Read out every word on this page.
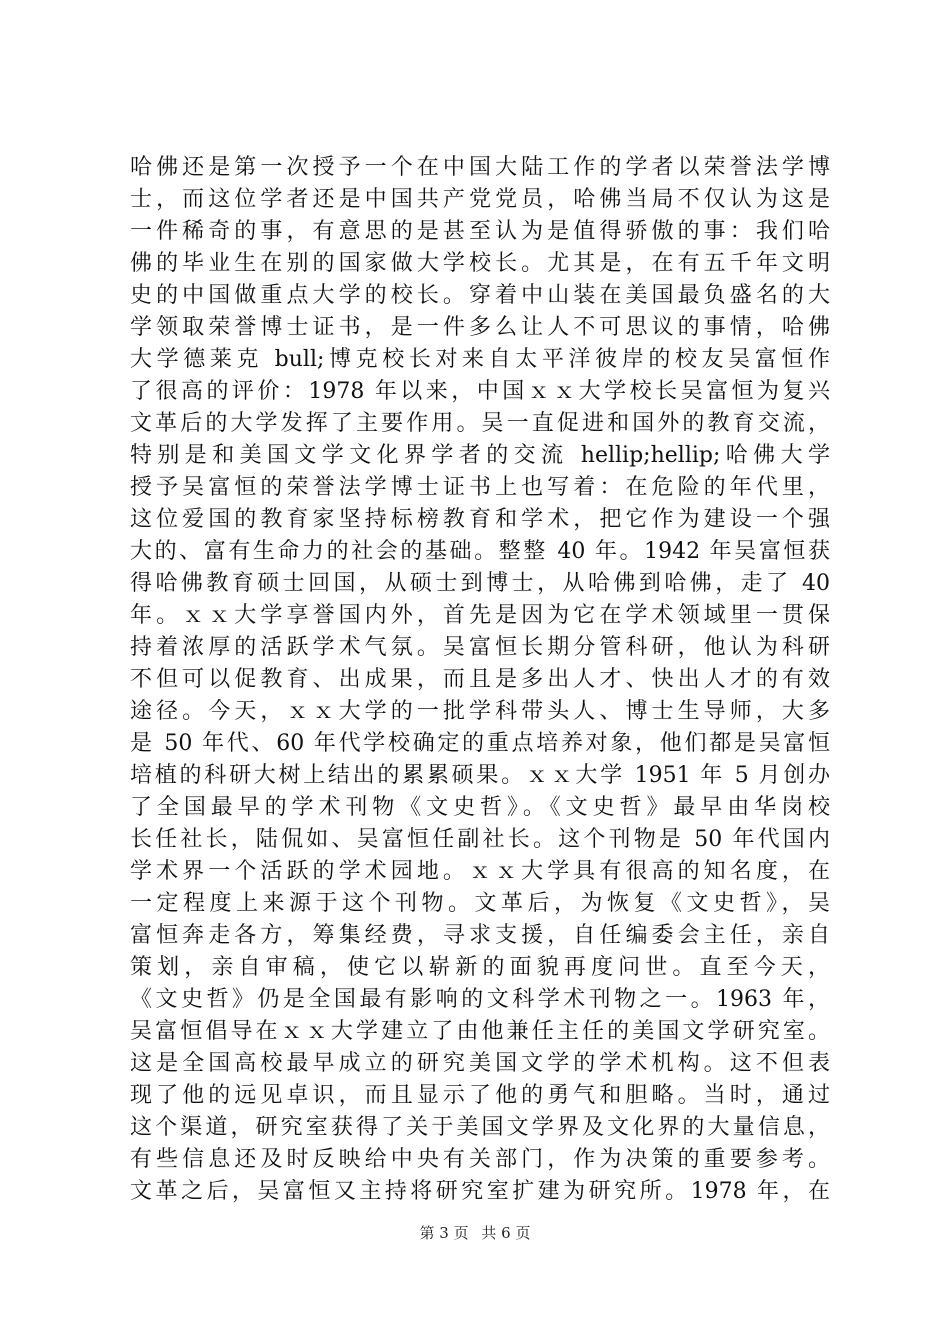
哈佛还是第一次授予一个在中国大陆工作的学者以荣誉法学博
士，而这位学者还是中国共产党党员，哈佛当局不仅认为这是
一件稀奇的事，有意思的是甚至认为是值得骄傲的事：我们哈
佛的毕业生在别的国家做大学校长。尤其是，在有五千年文明
史的中国做重点大学的校长。穿着中山装在美国最负盛名的大
学领取荣誉博士证书，是一件多么让人不可思议的事情，哈佛
大学德莱克 bull;博克校长对来自太平洋彼岸的校友吴富恒作
了很高的评价：1978 年以来，中国ｘｘ大学校长吴富恒为复兴
文革后的大学发挥了主要作用。吴一直促进和国外的教育交流，
特别是和美国文学文化界学者的交流 hellip;hellip;哈佛大学
授予吴富恒的荣誉法学博士证书上也写着：在危险的年代里，
这位爱国的教育家坚持标榜教育和学术，把它作为建设一个强
大的、富有生命力的社会的基础。整整 40 年。1942 年吴富恒获
得哈佛教育硕士回国，从硕士到博士，从哈佛到哈佛，走了 40
年。ｘｘ大学享誉国内外，首先是因为它在学术领域里一贯保
持着浓厚的活跃学术气氛。吴富恒长期分管科研，他认为科研
不但可以促教育、出成果，而且是多出人才、快出人才的有效
途径。今天，ｘｘ大学的一批学科带头人、博士生导师，大多
是 50 年代、60 年代学校确定的重点培养对象，他们都是吴富恒
培植的科研大树上结出的累累硕果。ｘｘ大学 1951 年 5 月创办
了全国最早的学术刊物《文史哲》。《文史哲》最早由华岗校
长任社长，陆侃如、吴富恒任副社长。这个刊物是 50 年代国内
学术界一个活跃的学术园地。ｘｘ大学具有很高的知名度，在
一定程度上来源于这个刊物。文革后，为恢复《文史哲》，吴
富恒奔走各方，筹集经费，寻求支援，自任编委会主任，亲自
策划，亲自审稿，使它以崭新的面貌再度问世。直至今天，
《文史哲》仍是全国最有影响的文科学术刊物之一。1963 年，
吴富恒倡导在ｘｘ大学建立了由他兼任主任的美国文学研究室。
这是全国高校最早成立的研究美国文学的学术机构。这不但表
现了他的远见卓识，而且显示了他的勇气和胆略。当时，通过
这个渠道，研究室获得了关于美国文学界及文化界的大量信息，
有些信息还及时反映给中央有关部门，作为决策的重要参考。
文革之后，吴富恒又主持将研究室扩建为研究所。1978 年，在
第 3 页 共 6 页
